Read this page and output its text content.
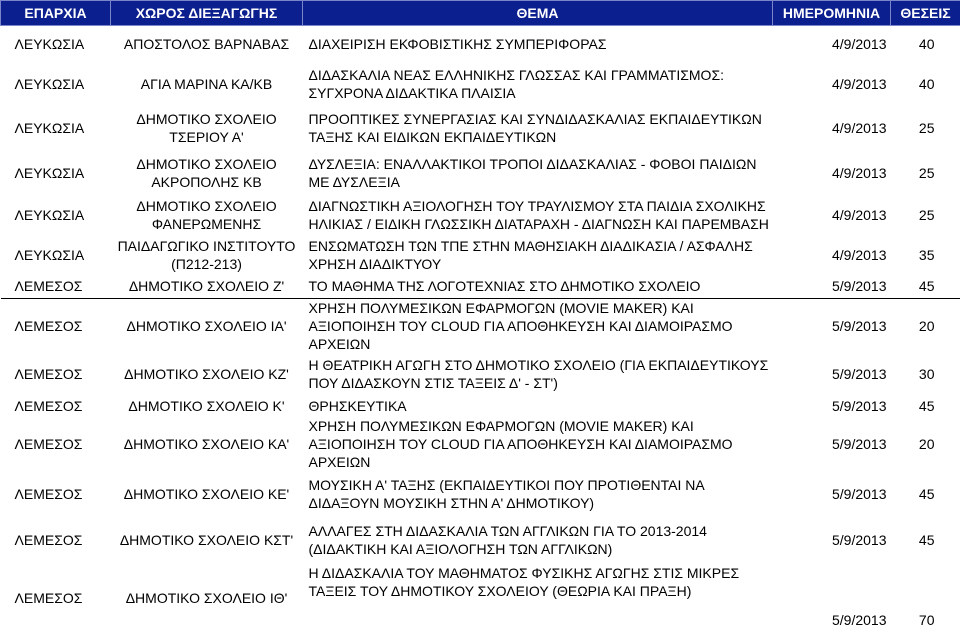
ΕΠΑΡΧΙΑ	ΧΩΡΟΣ ΔΙΕΞΑΓΩΓΗΣ	ΘΕΜΑ	ΗΜΕΡΟΜΗΝΙΑ	ΘΕΣΕΙΣ
ΛΕΥΚΩΣΙΑ	ΑΠΟΣΤΟΛΟΣ ΒΑΡΝΑΒΑΣ	ΔΙΑΧΕΙΡΙΣΗ ΕΚΦΟΒΙΣΤΙΚΗΣ ΣΥΜΠΕΡΙΦΟΡΑΣ	4/9/2013	40
ΛΕΥΚΩΣΙΑ	ΑΓΙΑ ΜΑΡΙΝΑ ΚΑ/ΚΒ	ΔΙΔΑΣΚΑΛΙΑ ΝΕΑΣ ΕΛΛΗΝΙΚΗΣ ΓΛΩΣΣΑΣ ΚΑΙ ΓΡΑΜΜΑΤΙΣΜΟΣ: ΣΥΓΧΡΟΝΑ ΔΙΔΑΚΤΙΚΑ ΠΛΑΙΣΙΑ	4/9/2013	40
ΛΕΥΚΩΣΙΑ	ΔΗΜΟΤΙΚΟ ΣΧΟΛΕΙΟ ΤΣΕΡΙΟΥ Α'	ΠΡΟΟΠΤΙΚΕΣ ΣΥΝΕΡΓΑΣΙΑΣ ΚΑΙ ΣΥΝΔΙΔΑΣΚΑΛΙΑΣ ΕΚΠΑΙΔΕΥΤΙΚΩΝ ΤΑΞΗΣ ΚΑΙ ΕΙΔΙΚΩΝ ΕΚΠΑΙΔΕΥΤΙΚΩΝ	4/9/2013	25
ΛΕΥΚΩΣΙΑ	ΔΗΜΟΤΙΚΟ ΣΧΟΛΕΙΟ ΑΚΡΟΠΟΛΗΣ ΚΒ	ΔΥΣΛΕΞΙΑ: ΕΝΑΛΛΑΚΤΙΚΟΙ ΤΡΟΠΟΙ ΔΙΔΑΣΚΑΛΙΑΣ - ΦΟΒΟΙ ΠΑΙΔΙΩΝ ΜΕ ΔΥΣΛΕΞΙΑ	4/9/2013	25
ΛΕΥΚΩΣΙΑ	ΔΗΜΟΤΙΚΟ ΣΧΟΛΕΙΟ ΦΑΝΕΡΩΜΕΝΗΣ	ΔΙΑΓΝΩΣΤΙΚΗ ΑΞΙΟΛΟΓΗΣΗ ΤΟΥ ΤΡΑΥΛΙΣΜΟΥ ΣΤΑ ΠΑΙΔΙΑ ΣΧΟΛΙΚΗΣ ΗΛΙΚΙΑΣ / ΕΙΔΙΚΗ ΓΛΩΣΣΙΚΗ ΔΙΑΤΑΡΑΧΗ - ΔΙΑΓΝΩΣΗ ΚΑΙ ΠΑΡΕΜΒΑΣΗ	4/9/2013	25
ΛΕΥΚΩΣΙΑ	ΠΑΙΔΑΓΩΓΙΚΟ ΙΝΣΤΙΤΟΥΤΟ (Π212-213)	ΕΝΣΩΜΑΤΩΣΗ ΤΩΝ ΤΠΕ ΣΤΗΝ ΜΑΘΗΣΙΑΚΗ ΔΙΑΔΙΚΑΣΙΑ / ΑΣΦΑΛΗΣ ΧΡΗΣΗ ΔΙΑΔΙΚΤΥΟΥ	4/9/2013	35
ΛΕΜΕΣΟΣ	ΔΗΜΟΤΙΚΟ ΣΧΟΛΕΙΟ Ζ'	ΤΟ ΜΑΘΗΜΑ ΤΗΣ ΛΟΓΟΤΕΧΝΙΑΣ ΣΤΟ ΔΗΜΟΤΙΚΟ ΣΧΟΛΕΙΟ	5/9/2013	45
ΛΕΜΕΣΟΣ	ΔΗΜΟΤΙΚΟ ΣΧΟΛΕΙΟ ΙΑ'	ΧΡΗΣΗ ΠΟΛΥΜΕΣΙΚΩΝ ΕΦΑΡΜΟΓΩΝ (MOVIE MAKER) ΚΑΙ ΑΞΙΟΠΟΙΗΣΗ ΤΟΥ CLOUD ΓΙΑ ΑΠΟΘΗΚΕΥΣΗ ΚΑΙ ΔΙΑΜΟΙΡΑΣΜΟ ΑΡΧΕΙΩΝ	5/9/2013	20
ΛΕΜΕΣΟΣ	ΔΗΜΟΤΙΚΟ ΣΧΟΛΕΙΟ ΚΖ'	Η ΘΕΑΤΡΙΚΗ ΑΓΩΓΗ ΣΤΟ ΔΗΜΟΤΙΚΟ ΣΧΟΛΕΙΟ (ΓΙΑ ΕΚΠΑΙΔΕΥΤΙΚΟΥΣ ΠΟΥ ΔΙΔΑΣΚΟΥΝ ΣΤΙΣ ΤΑΞΕΙΣ Δ' - ΣΤ')	5/9/2013	30
ΛΕΜΕΣΟΣ	ΔΗΜΟΤΙΚΟ ΣΧΟΛΕΙΟ Κ'	ΘΡΗΣΚΕΥΤΙΚΑ	5/9/2013	45
ΛΕΜΕΣΟΣ	ΔΗΜΟΤΙΚΟ ΣΧΟΛΕΙΟ ΚΑ'	ΧΡΗΣΗ ΠΟΛΥΜΕΣΙΚΩΝ ΕΦΑΡΜΟΓΩΝ (MOVIE MAKER) ΚΑΙ ΑΞΙΟΠΟΙΗΣΗ ΤΟΥ CLOUD ΓΙΑ ΑΠΟΘΗΚΕΥΣΗ ΚΑΙ ΔΙΑΜΟΙΡΑΣΜΟ ΑΡΧΕΙΩΝ	5/9/2013	20
ΛΕΜΕΣΟΣ	ΔΗΜΟΤΙΚΟ ΣΧΟΛΕΙΟ ΚΕ'	ΜΟΥΣΙΚΗ Α' ΤΑΞΗΣ (ΕΚΠΑΙΔΕΥΤΙΚΟΙ ΠΟΥ ΠΡΟΤΙΘΕΝΤΑΙ ΝΑ ΔΙΔΑΞΟΥΝ ΜΟΥΣΙΚΗ ΣΤΗΝ Α' ΔΗΜΟΤΙΚΟΥ)	5/9/2013	45
ΛΕΜΕΣΟΣ	ΔΗΜΟΤΙΚΟ ΣΧΟΛΕΙΟ ΚΣΤ'	ΑΛΛΑΓΕΣ ΣΤΗ ΔΙΔΑΣΚΑΛΙΑ ΤΩΝ ΑΓΓΛΙΚΩΝ ΓΙΑ ΤΟ 2013-2014 (ΔΙΔΑΚΤΙΚΗ ΚΑΙ ΑΞΙΟΛΟΓΗΣΗ ΤΩΝ ΑΓΓΛΙΚΩΝ)	5/9/2013	45
ΛΕΜΕΣΟΣ	ΔΗΜΟΤΙΚΟ ΣΧΟΛΕΙΟ ΙΘ'	Η ΔΙΔΑΣΚΑΛΙΑ ΤΟΥ ΜΑΘΗΜΑΤΟΣ ΦΥΣΙΚΗΣ ΑΓΩΓΗΣ ΣΤΙΣ ΜΙΚΡΕΣ ΤΑΞΕΙΣ ΤΟΥ ΔΗΜΟΤΙΚΟΥ ΣΧΟΛΕΙΟΥ (ΘΕΩΡΙΑ ΚΑΙ ΠΡΑΞΗ)	5/9/2013	70
